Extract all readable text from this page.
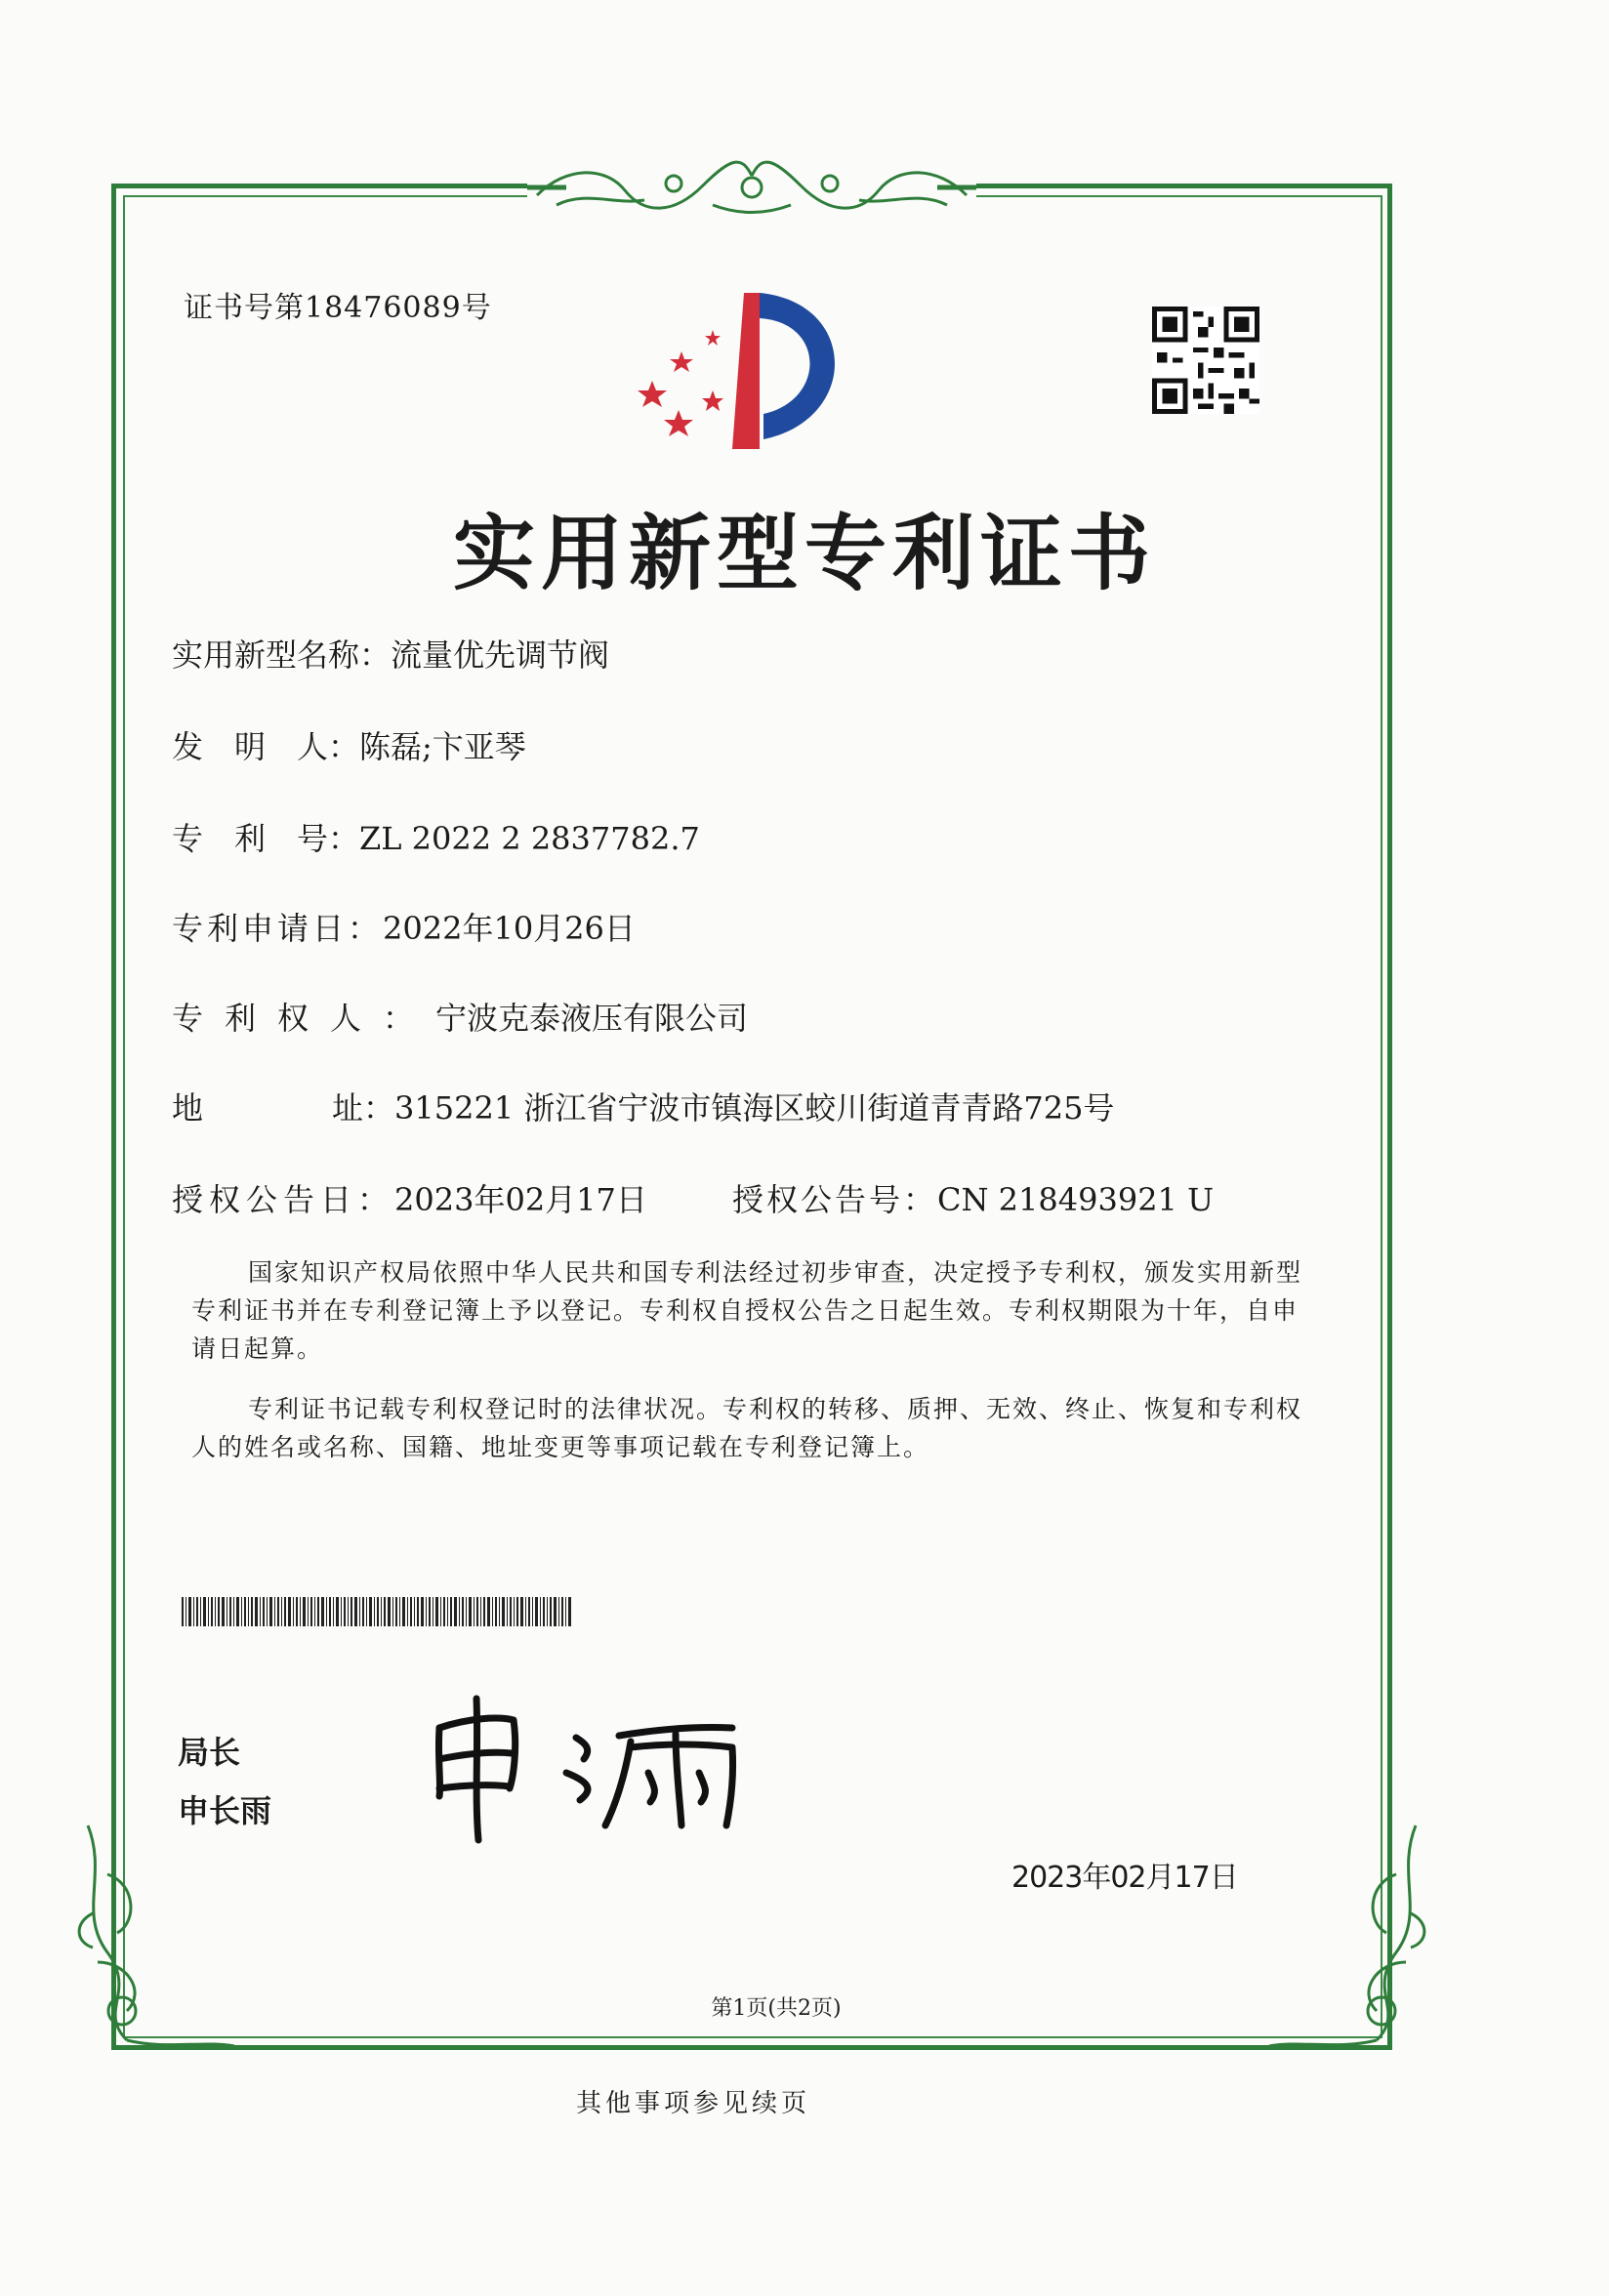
证书号第18476089号
实用新型专利证书
实用新型名称：流量优先调节阀
发　明　人：陈磊;卞亚琴
专　利　号：ZL 2022 2 2837782.7
专利申请日：2022年10月26日
专利权人：宁波克泰液压有限公司
地	址：315221 浙江省宁波市镇海区蛟川街道青青路725号
授权公告日：2023年02月17日	授权公告号：CN 218493921 U
国家知识产权局依照中华人民共和国专利法经过初步审查，决定授予专利权，颁发实用新型专利证书并在专利登记簿上予以登记。专利权自授权公告之日起生效。专利权期限为十年，自申请日起算。
专利证书记载专利权登记时的法律状况。专利权的转移、质押、无效、终止、恢复和专利权人的姓名或名称、国籍、地址变更等事项记载在专利登记簿上。
局长
申长雨
2023年02月17日
第1页(共2页)
其他事项参见续页
